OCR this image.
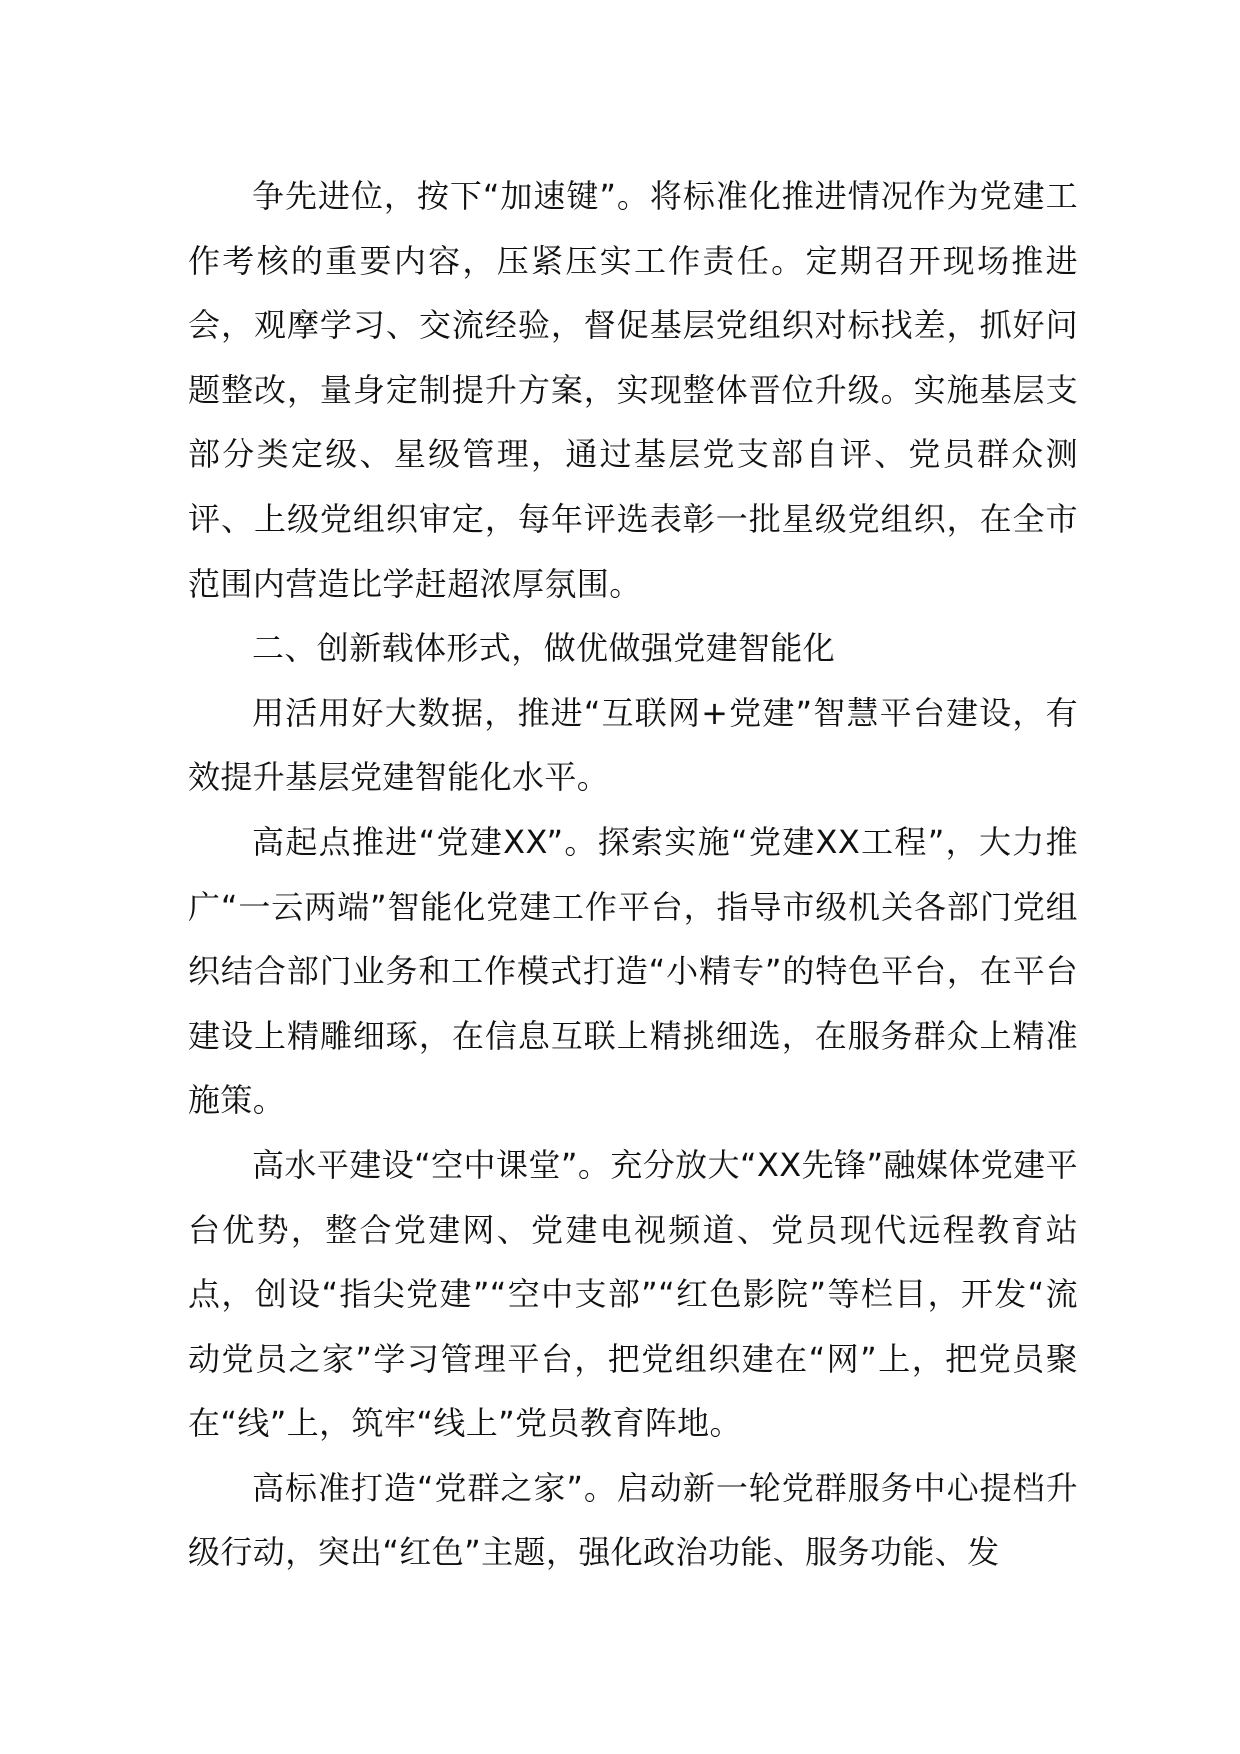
争先进位，按下“加速键”。将标准化推进情况作为党建工作考核的重要内容，压紧压实工作责任。定期召开现场推进会，观摩学习、交流经验，督促基层党组织对标找差，抓好问题整改，量身定制提升方案，实现整体晋位升级。实施基层支部分类定级、星级管理，通过基层党支部自评、党员群众测评、上级党组织审定，每年评选表彰一批星级党组织，在全市范围内营造比学赶超浓厚氛围。

二、创新载体形式，做优做强党建智能化

用活用好大数据，推进“互联网+党建”智慧平台建设，有效提升基层党建智能化水平。

高起点推进“党建XX”。探索实施“党建XX工程”，大力推广“一云两端”智能化党建工作平台，指导市级机关各部门党组织结合部门业务和工作模式打造“小精专”的特色平台，在平台建设上精雕细琢，在信息互联上精挑细选，在服务群众上精准施策。

高水平建设“空中课堂”。充分放大“XX先锋”融媒体党建平台优势，整合党建网、党建电视频道、党员现代远程教育站点，创设“指尖党建”“空中支部”“红色影院”等栏目，开发“流动党员之家”学习管理平台，把党组织建在“网”上，把党员聚在“线”上，筑牢“线上”党员教育阵地。

高标准打造“党群之家”。启动新一轮党群服务中心提档升级行动，突出“红色”主题，强化政治功能、服务功能、发
